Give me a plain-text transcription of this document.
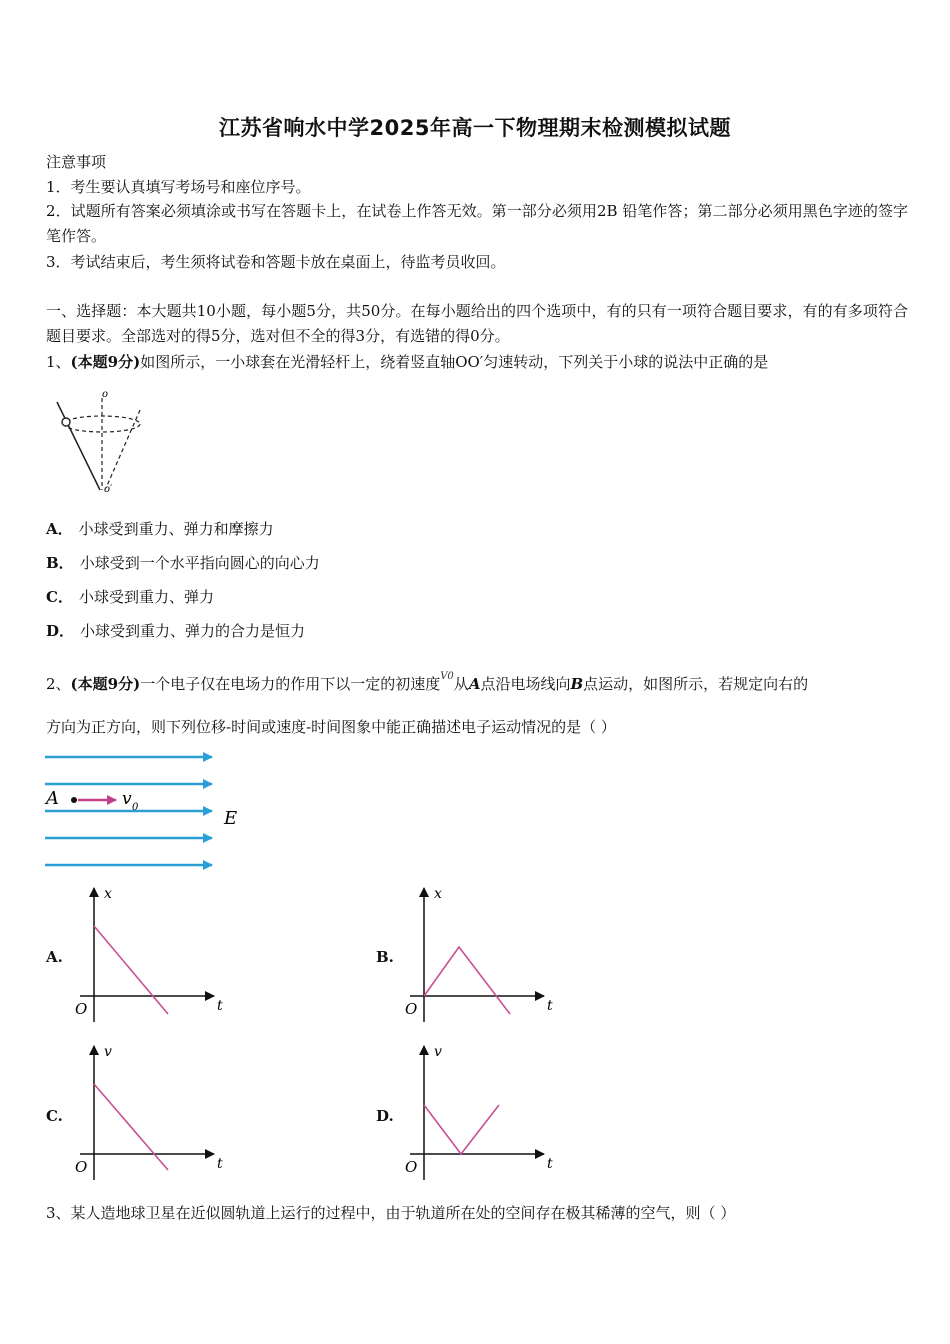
江苏省响水中学2025年高一下物理期末检测模拟试题
注意事项
1．考生要认真填写考场号和座位序号。
2．试题所有答案必须填涂或书写在答题卡上，在试卷上作答无效。第一部分必须用2B 铅笔作答；第二部分必须用黑色字迹的签字笔作答。
3．考试结束后，考生须将试卷和答题卡放在桌面上，待监考员收回。
一、选择题：本大题共10小题，每小题5分，共50分。在每小题给出的四个选项中，有的只有一项符合题目要求，有的有多项符合题目要求。全部选对的得5分，选对但不全的得3分，有选错的得0分。
1、(本题9分)如图所示，一小球套在光滑轻杆上，绕着竖直轴OO′匀速转动，下列关于小球的说法中正确的是
o
o′
A． 小球受到重力、弹力和摩擦力
B． 小球受到一个水平指向圆心的向心力
C． 小球受到重力、弹力
D． 小球受到重力、弹力的合力是恒力
2、(本题9分)一个电子仅在电场力的作用下以一定的初速度$^{V0}$从A点沿电场线向B点运动，如图所示，若规定向右的
方向为正方向，则下列位移-时间或速度-时间图象中能正确描述电子运动情况的是（ ）
A	v 0
E
A.
x
t
O
B.
x
t
O
C.
v
t
O
D.
v
t
O
3、某人造地球卫星在近似圆轨道上运行的过程中，由于轨道所在处的空间存在极其稀薄的空气，则（ ）
